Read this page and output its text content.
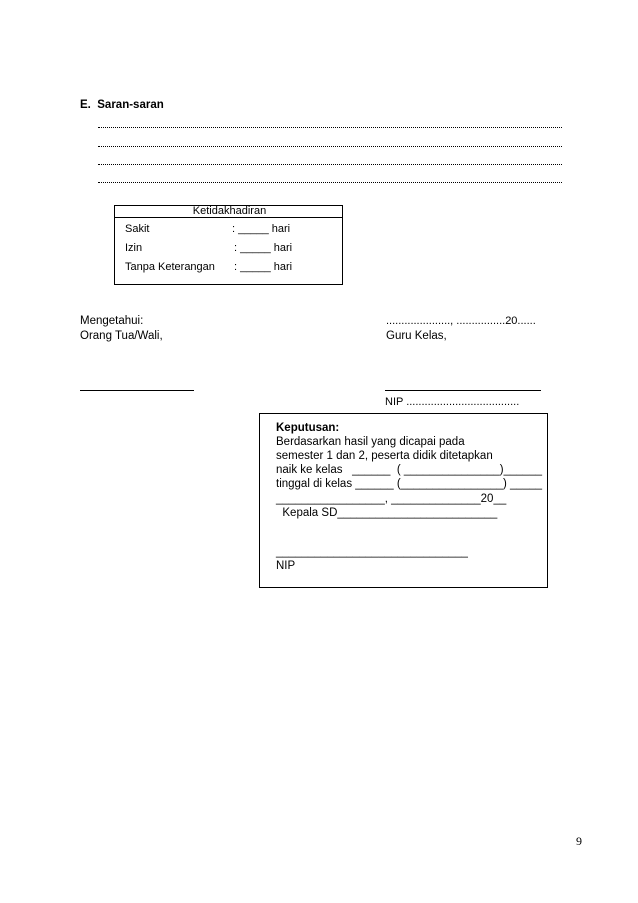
E. Saran-saran
Ketidakhadiran
Sakit	: _____ hari
Izin	: _____ hari
Tanpa Keterangan : _____ hari
Mengetahui:
Orang Tua/Wali,
....................., ................20......
Guru Kelas,
NIP .....................................
Keputusan:
Berdasarkan hasil yang dicapai pada
semester 1 dan 2, peserta didik ditetapkan
naik ke kelas   ______  ( _______________)______
tinggal di kelas ______ (________________) _____
_________________, ______________20__
Kepala SD_________________________
______________________________
NIP
9
